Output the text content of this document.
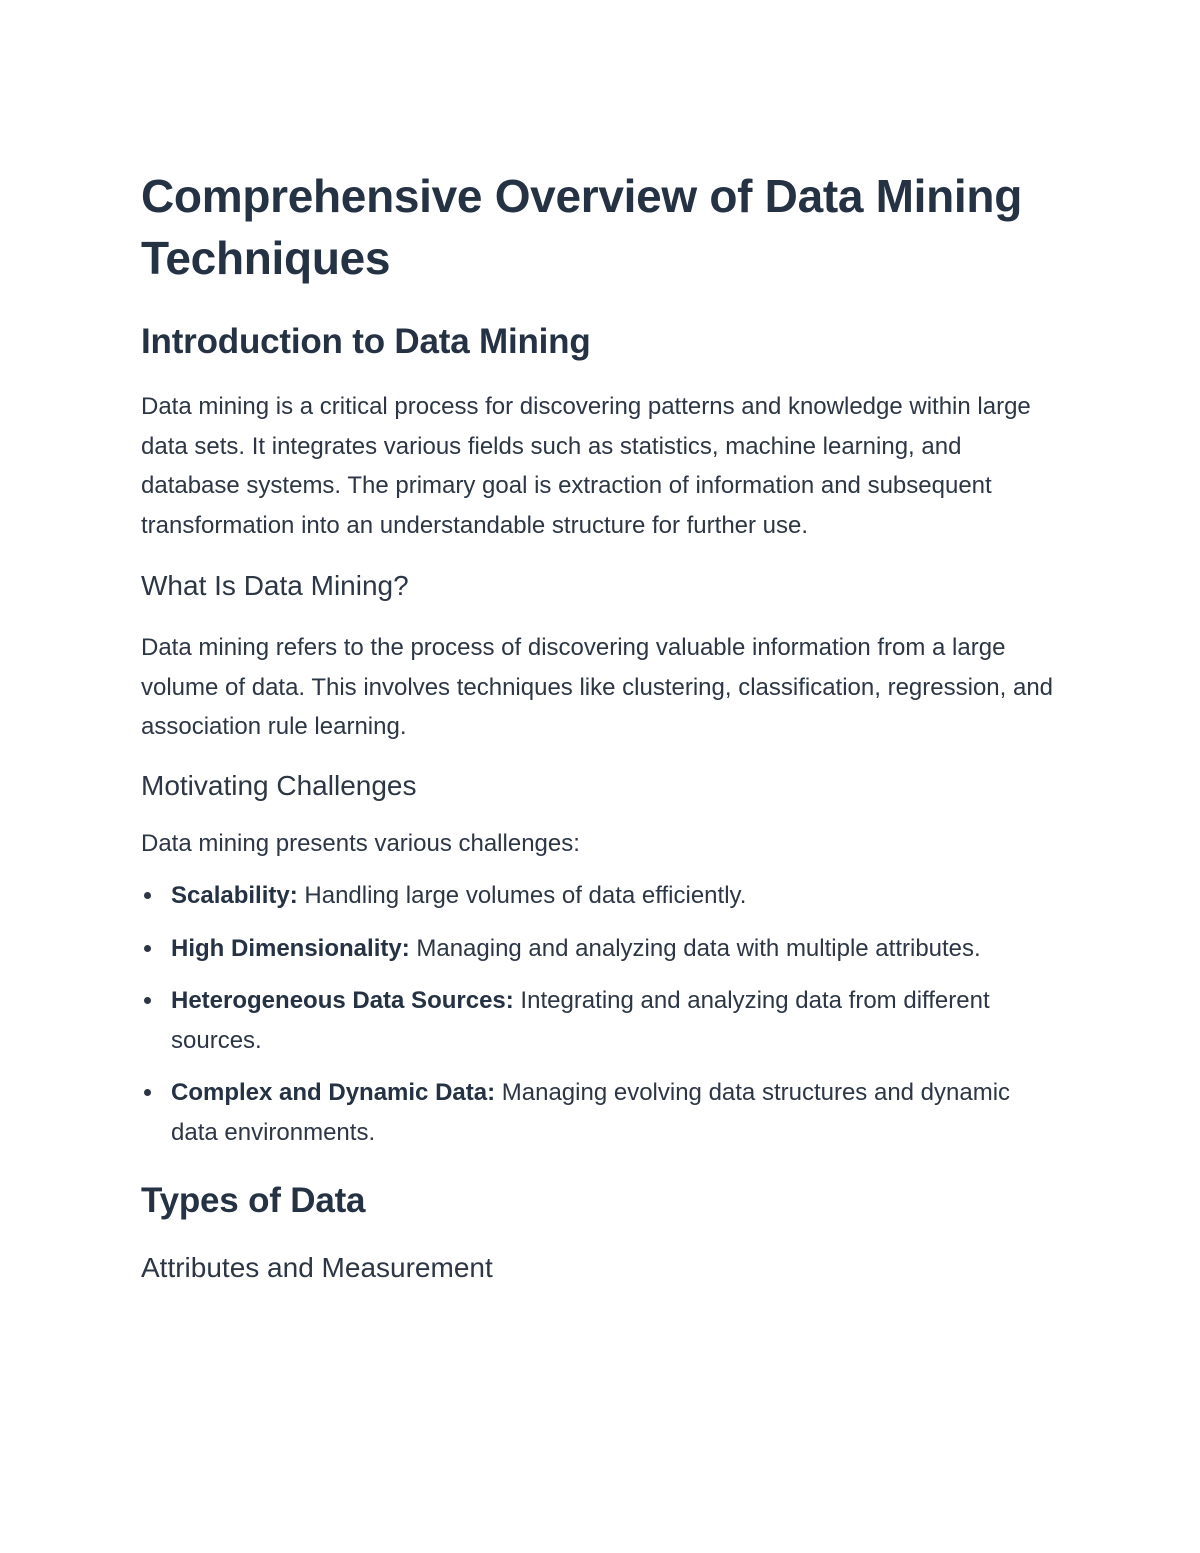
Comprehensive Overview of Data Mining Techniques
Introduction to Data Mining

Data mining is a critical process for discovering patterns and knowledge within large data sets. It integrates various fields such as statistics, machine learning, and database systems. The primary goal is extraction of information and subsequent transformation into an understandable structure for further use.

What Is Data Mining?

Data mining refers to the process of discovering valuable information from a large volume of data. This involves techniques like clustering, classification, regression, and association rule learning.

Motivating Challenges

Data mining presents various challenges:

Scalability: Handling large volumes of data efficiently.
High Dimensionality: Managing and analyzing data with multiple attributes.
Heterogeneous Data Sources: Integrating and analyzing data from different sources.
Complex and Dynamic Data: Managing evolving data structures and dynamic data environments.
Types of Data
Attributes and Measurement
